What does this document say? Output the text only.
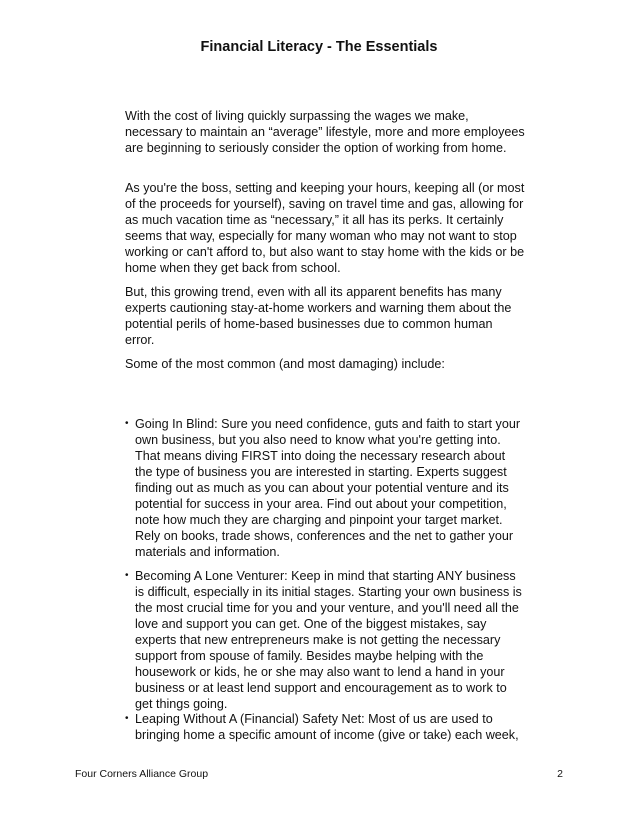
Financial Literacy - The Essentials

With the cost of living quickly surpassing the wages we make, necessary to maintain an “average” lifestyle, more and more employees are beginning to seriously consider the option of working from home.

As you're the boss, setting and keeping your hours, keeping all (or most of the proceeds for yourself), saving on travel time and gas, allowing for as much vacation time as “necessary,” it all has its perks. It certainly seems that way, especially for many woman who may not want to stop working or can't afford to, but also want to stay home with the kids or be home when they get back from school.

But, this growing trend, even with all its apparent benefits has many experts cautioning stay-at-home workers and warning them about the potential perils of home-based businesses due to common human error.

Some of the most common (and most damaging) include:

• Going In Blind: Sure you need confidence, guts and faith to start your own business, but you also need to know what you're getting into. That means diving FIRST into doing the necessary research about the type of business you are interested in starting. Experts suggest finding out as much as you can about your potential venture and its potential for success in your area. Find out about your competition, note how much they are charging and pinpoint your target market. Rely on books, trade shows, conferences and the net to gather your materials and information.
• Becoming A Lone Venturer: Keep in mind that starting ANY business is difficult, especially in its initial stages. Starting your own business is the most crucial time for you and your venture, and you'll need all the love and support you can get. One of the biggest mistakes, say experts that new entrepreneurs make is not getting the necessary support from spouse of family. Besides maybe helping with the housework or kids, he or she may also want to lend a hand in your business or at least lend support and encouragement as to work to get things going.
• Leaping Without A (Financial) Safety Net: Most of us are used to bringing home a specific amount of income (give or take) each week,
Four Corners Alliance Group	2
